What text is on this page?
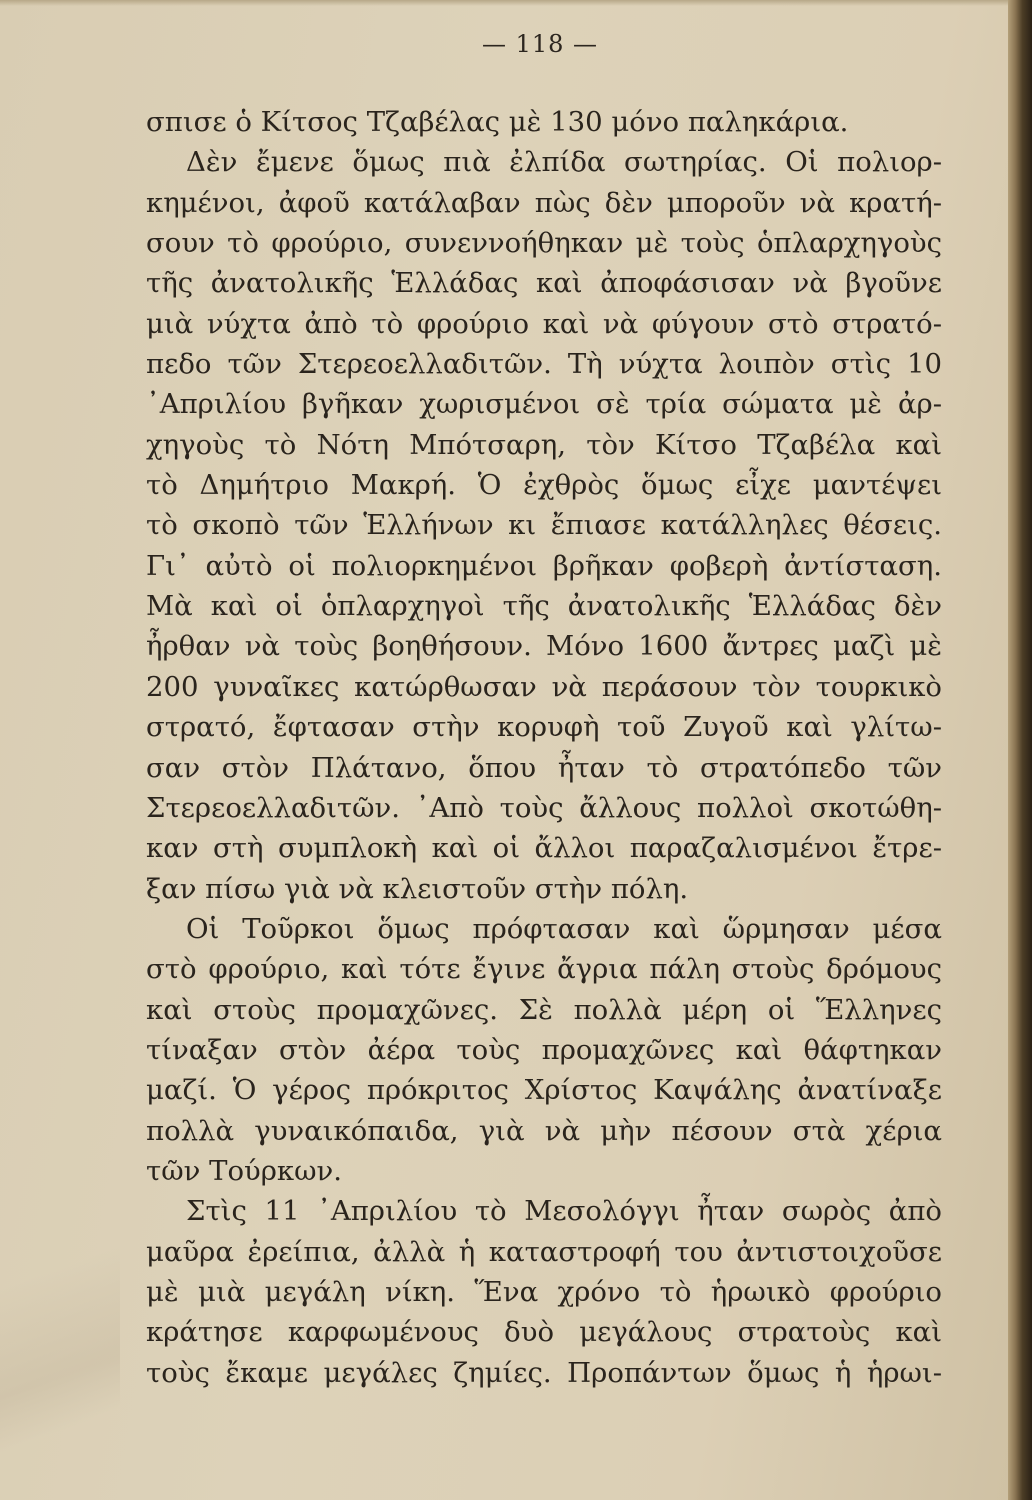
— 118 —
σπισε ὁ Κίτσος Τζαβέλας μὲ 130 μόνο παληκάρια.
Δὲν ἔμενε ὅμως πιὰ ἐλπίδα σωτηρίας. Οἱ πολιορ-
κημένοι, ἀφοῦ κατάλαβαν πὼς δὲν μποροῦν νὰ κρατή-
σουν τὸ φρούριο, συνεννοήθηκαν μὲ τοὺς ὁπλαρχηγοὺς
τῆς ἀνατολικῆς Ἑλλάδας καὶ ἀποφάσισαν νὰ βγοῦνε
μιὰ νύχτα ἀπὸ τὸ φρούριο καὶ νὰ φύγουν στὸ στρατό-
πεδο τῶν Στερεοελλαδιτῶν. Τὴ νύχτα λοιπὸν στὶς 10
᾿Απριλίου βγῆκαν χωρισμένοι σὲ τρία σώματα μὲ ἀρ-
χηγοὺς τὸ Νότη Μπότσαρη, τὸν Κίτσο Τζαβέλα καὶ
τὸ Δημήτριο Μακρή. Ὁ ἐχθρὸς ὅμως εἶχε μαντέψει
τὸ σκοπὸ τῶν Ἑλλήνων κι ἔπιασε κατάλληλες θέσεις.
Γι᾿ αὐτὸ οἱ πολιορκημένοι βρῆκαν φοβερὴ ἀντίσταση.
Μὰ καὶ οἱ ὁπλαρχηγοὶ τῆς ἀνατολικῆς Ἑλλάδας δὲν
ἦρθαν νὰ τοὺς βοηθήσουν. Μόνο 1600 ἄντρες μαζὶ μὲ
200 γυναῖκες κατώρθωσαν νὰ περάσουν τὸν τουρκικὸ
στρατό, ἔφτασαν στὴν κορυφὴ τοῦ Ζυγοῦ καὶ γλίτω-
σαν στὸν Πλάτανο, ὅπου ἦταν τὸ στρατόπεδο τῶν
Στερεοελλαδιτῶν. ᾿Απὸ τοὺς ἄλλους πολλοὶ σκοτώθη-
καν στὴ συμπλοκὴ καὶ οἱ ἄλλοι παραζαλισμένοι ἔτρε-
ξαν πίσω γιὰ νὰ κλειστοῦν στὴν πόλη.
Οἱ Τοῦρκοι ὅμως πρόφτασαν καὶ ὥρμησαν μέσα
στὸ φρούριο, καὶ τότε ἔγινε ἄγρια πάλη στοὺς δρόμους
καὶ στοὺς προμαχῶνες. Σὲ πολλὰ μέρη οἱ Ἕλληνες
τίναξαν στὸν ἀέρα τοὺς προμαχῶνες καὶ θάφτηκαν
μαζί. Ὁ γέρος πρόκριτος Χρίστος Καψάλης ἀνατίναξε
πολλὰ γυναικόπαιδα, γιὰ νὰ μὴν πέσουν στὰ χέρια
τῶν Τούρκων.
Στὶς 11 ᾿Απριλίου τὸ Μεσολόγγι ἦταν σωρὸς ἀπὸ
μαῦρα ἐρείπια, ἀλλὰ ἡ καταστροφή του ἀντιστοιχοῦσε
μὲ μιὰ μεγάλη νίκη. Ἕνα χρόνο τὸ ἡρωικὸ φρούριο
κράτησε καρφωμένους δυὸ μεγάλους στρατοὺς καὶ
τοὺς ἔκαμε μεγάλες ζημίες. Προπάντων ὅμως ἡ ἡρωι-
